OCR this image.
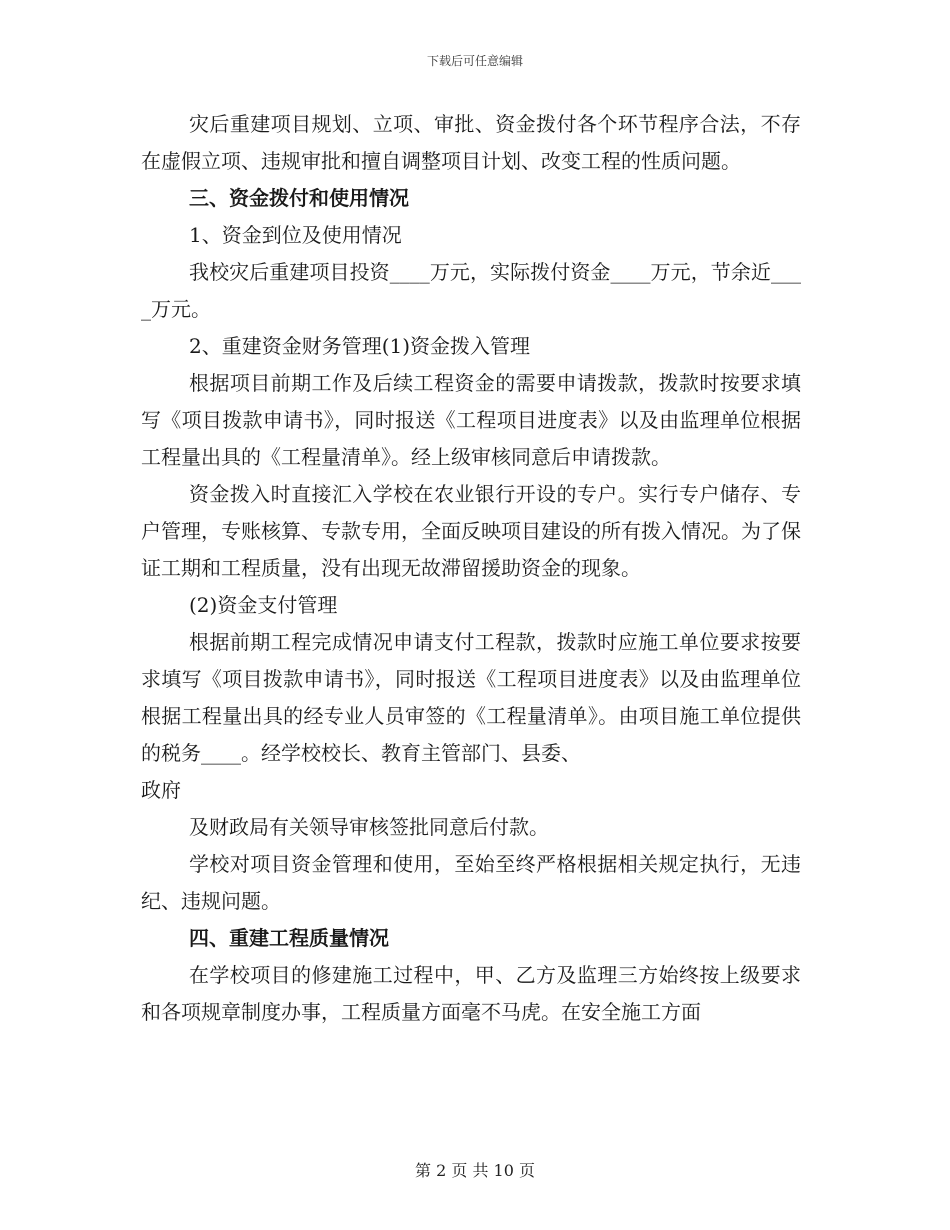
下载后可任意编辑

灾后重建项目规划、立项、审批、资金拨付各个环节程序合法，不存在虚假立项、违规审批和擅自调整项目计划、改变工程的性质问题。

三、资金拨付和使用情况

1、资金到位及使用情况

我校灾后重建项目投资____万元，实际拨付资金____万元，节余近____万元。

2、重建资金财务管理(1)资金拨入管理

根据项目前期工作及后续工程资金的需要申请拨款，拨款时按要求填写《项目拨款申请书》，同时报送《工程项目进度表》以及由监理单位根据工程量出具的《工程量清单》。经上级审核同意后申请拨款。

资金拨入时直接汇入学校在农业银行开设的专户。实行专户储存、专户管理，专账核算、专款专用，全面反映项目建设的所有拨入情况。为了保证工期和工程质量，没有出现无故滞留援助资金的现象。

(2)资金支付管理

根据前期工程完成情况申请支付工程款，拨款时应施工单位要求按要求填写《项目拨款申请书》，同时报送《工程项目进度表》以及由监理单位根据工程量出具的经专业人员审签的《工程量清单》。由项目施工单位提供的税务____。经学校校长、教育主管部门、县委、

政府

及财政局有关领导审核签批同意后付款。

学校对项目资金管理和使用，至始至终严格根据相关规定执行，无违纪、违规问题。

四、重建工程质量情况

在学校项目的修建施工过程中，甲、乙方及监理三方始终按上级要求和各项规章制度办事，工程质量方面毫不马虎。在安全施工方面

第 2 页 共 10 页
